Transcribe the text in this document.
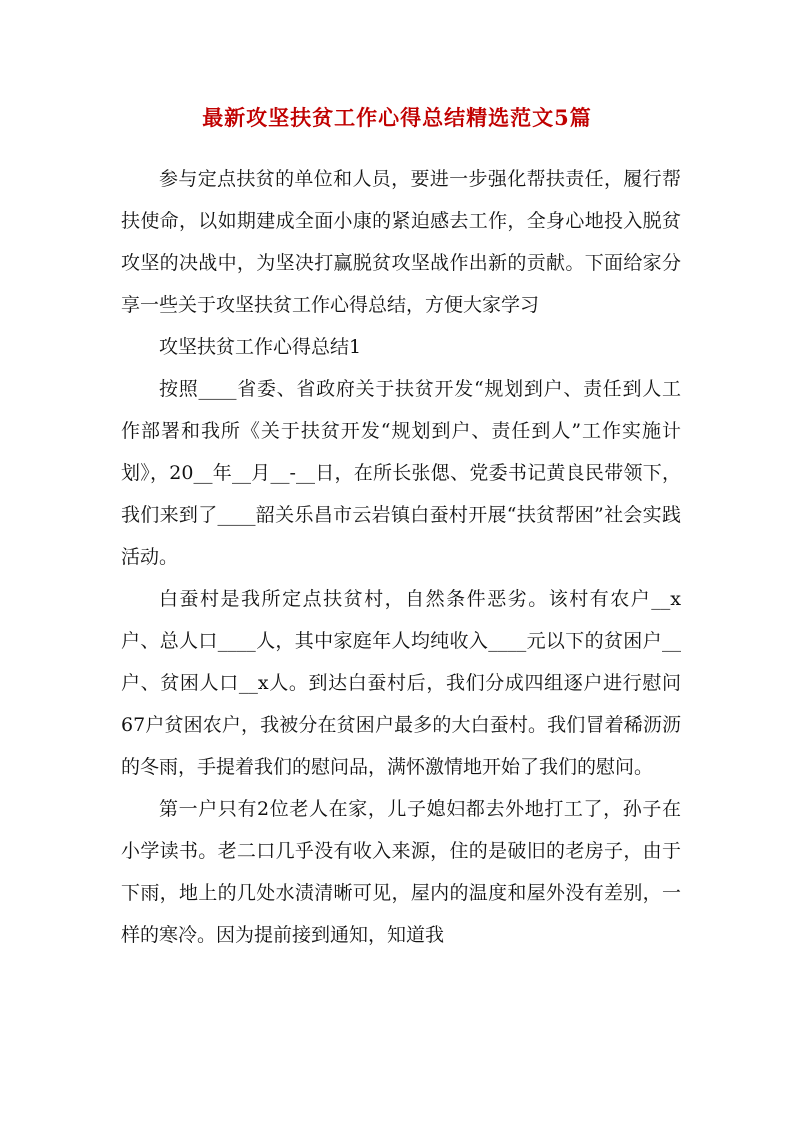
最新攻坚扶贫工作心得总结精选范文5篇

参与定点扶贫的单位和人员，要进一步强化帮扶责任，履行帮扶使命，以如期建成全面小康的紧迫感去工作，全身心地投入脱贫攻坚的决战中，为坚决打赢脱贫攻坚战作出新的贡献。下面给家分享一些关于攻坚扶贫工作心得总结，方便大家学习

攻坚扶贫工作心得总结1

按照____省委、省政府关于扶贫开发“规划到户、责任到人工作部署和我所《关于扶贫开发“规划到户、责任到人”工作实施计划》，20__年__月__-__日，在所长张偲、党委书记黄良民带领下，我们来到了____韶关乐昌市云岩镇白蚕村开展“扶贫帮困”社会实践活动。

白蚕村是我所定点扶贫村，自然条件恶劣。该村有农户__x户、总人口____人，其中家庭年人均纯收入____元以下的贫困户__户、贫困人口__x人。到达白蚕村后，我们分成四组逐户进行慰问67户贫困农户，我被分在贫困户最多的大白蚕村。我们冒着稀沥沥的冬雨，手提着我们的慰问品，满怀激情地开始了我们的慰问。

第一户只有2位老人在家，儿子媳妇都去外地打工了，孙子在小学读书。老二口几乎没有收入来源，住的是破旧的老房子，由于下雨，地上的几处水渍清晰可见，屋内的温度和屋外没有差别，一样的寒冷。因为提前接到通知，知道我
